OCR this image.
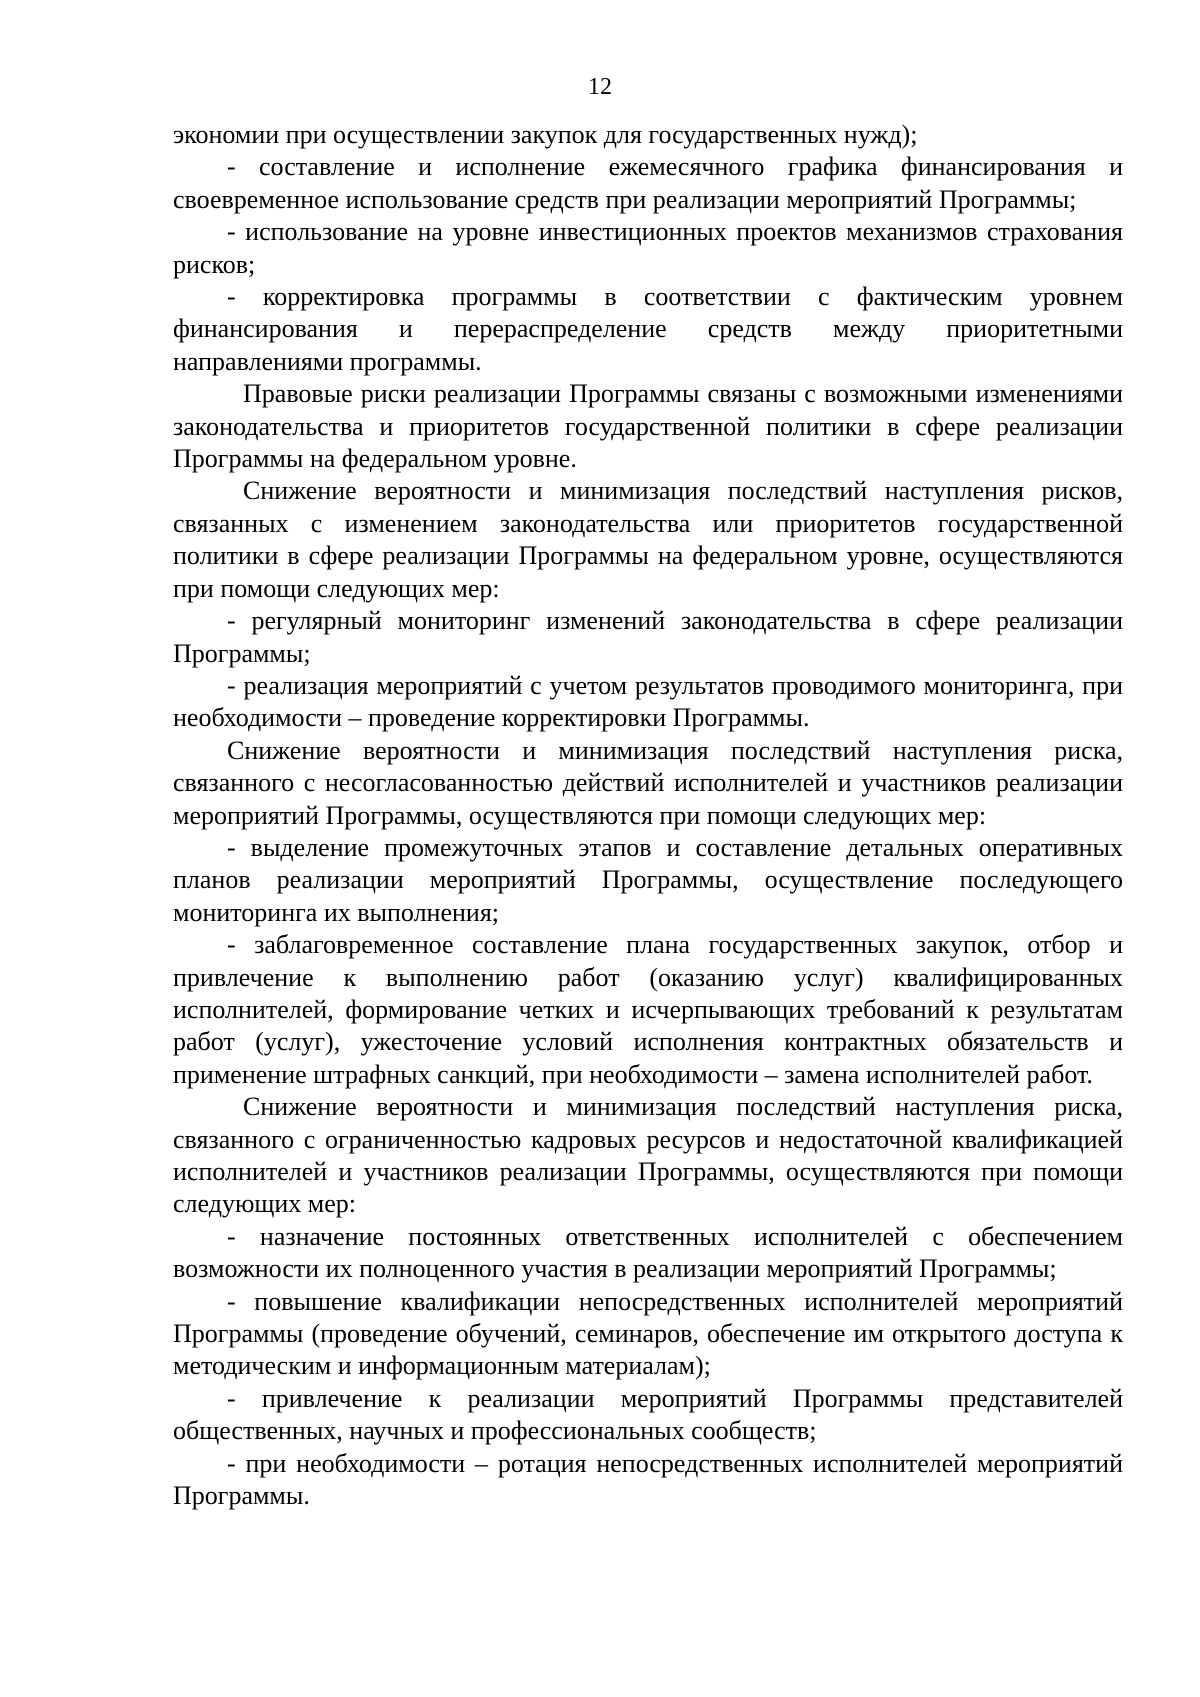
12

экономии при осуществлении закупок для государственных нужд);

- составление и исполнение ежемесячного графика финансирования и своевременное использование средств при реализации мероприятий Программы;

- использование на уровне инвестиционных проектов механизмов страхования рисков;

- корректировка программы в соответствии с фактическим уровнем финансирования и перераспределение средств между приоритетными направлениями программы.

Правовые риски реализации Программы связаны с возможными изменениями законодательства и приоритетов государственной политики в сфере реализации Программы на федеральном уровне.

Снижение вероятности и минимизация последствий наступления рисков, связанных с изменением законодательства или приоритетов государственной политики в сфере реализации Программы на федеральном уровне, осуществляются при помощи следующих мер:

- регулярный мониторинг изменений законодательства в сфере реализации Программы;

- реализация мероприятий с учетом результатов проводимого мониторинга, при необходимости – проведение корректировки Программы.

Снижение вероятности и минимизация последствий наступления риска, связанного с несогласованностью действий исполнителей и участников реализации мероприятий Программы, осуществляются при помощи следующих мер:

- выделение промежуточных этапов и составление детальных оперативных планов реализации мероприятий Программы, осуществление последующего мониторинга их выполнения;

- заблаговременное составление плана государственных закупок, отбор и привлечение к выполнению работ (оказанию услуг) квалифицированных исполнителей, формирование четких и исчерпывающих требований к результатам работ (услуг), ужесточение условий исполнения контрактных обязательств и применение штрафных санкций, при необходимости – замена исполнителей работ.

Снижение вероятности и минимизация последствий наступления риска, связанного с ограниченностью кадровых ресурсов и недостаточной квалификацией исполнителей и участников реализации Программы, осуществляются при помощи следующих мер:

- назначение постоянных ответственных исполнителей с обеспечением возможности их полноценного участия в реализации мероприятий Программы;

- повышение квалификации непосредственных исполнителей мероприятий Программы (проведение обучений, семинаров, обеспечение им открытого доступа к методическим и информационным материалам);

- привлечение к реализации мероприятий Программы представителей общественных, научных и профессиональных сообществ;

- при необходимости – ротация непосредственных исполнителей мероприятий Программы.
